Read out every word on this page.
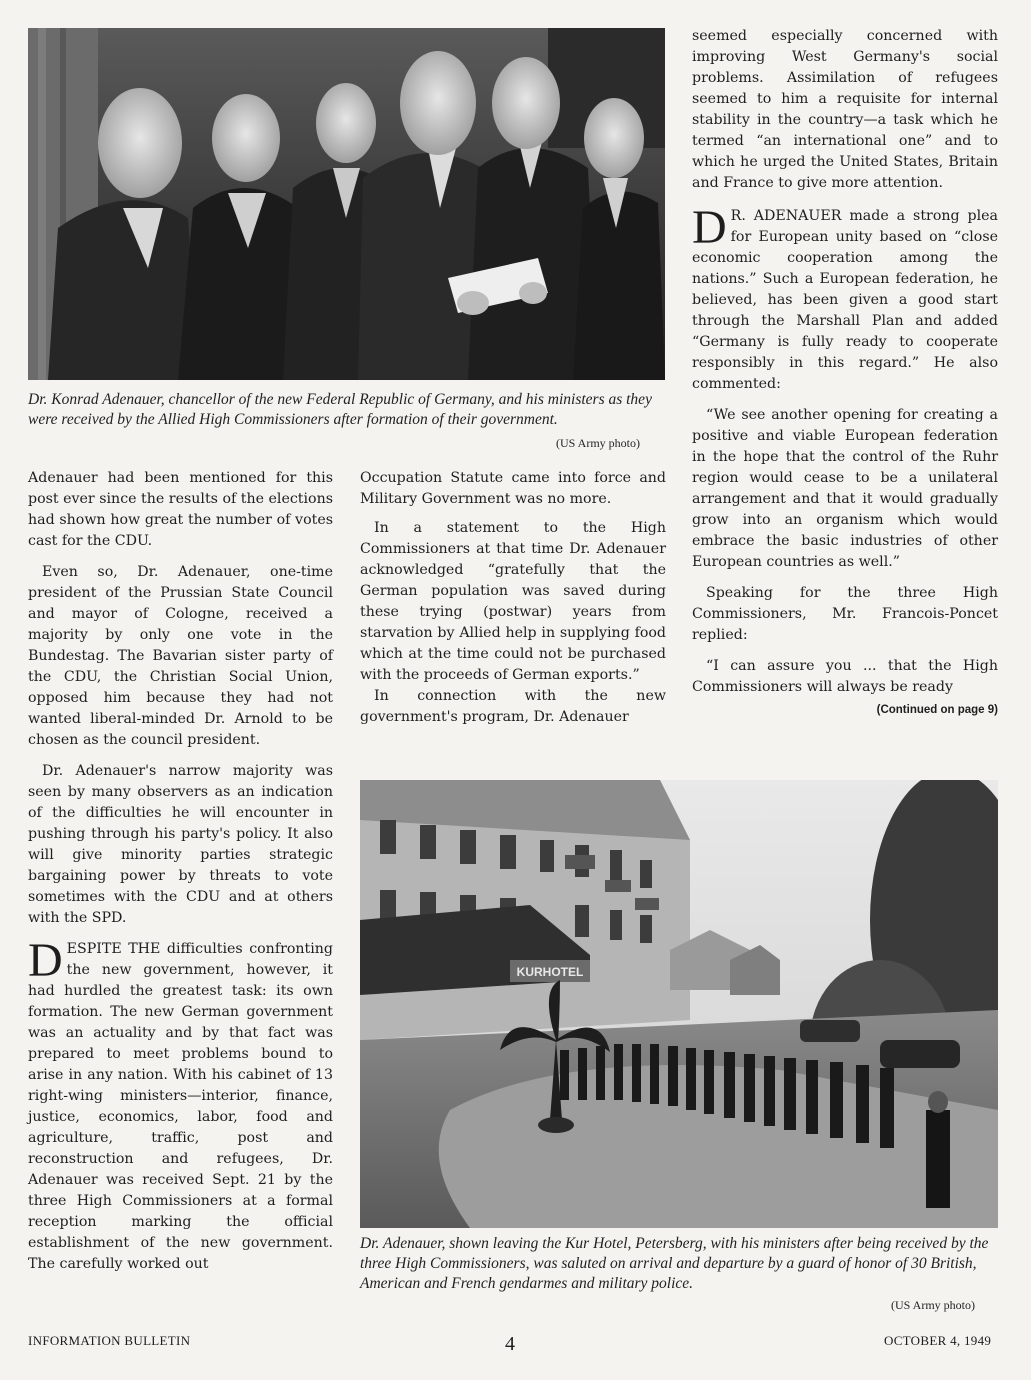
Dr. Konrad Adenauer, chancellor of the new Federal Republic of Germany, and his ministers as they were received by the Allied High Commissioners after formation of their government.
(US Army photo)

Adenauer had been mentioned for this post ever since the results of the elections had shown how great the number of votes cast for the CDU.

Even so, Dr. Adenauer, one-time president of the Prussian State Council and mayor of Cologne, received a majority by only one vote in the Bundestag. The Bavarian sister party of the CDU, the Christian Social Union, opposed him because they had not wanted liberal-minded Dr. Arnold to be chosen as the council president.

Dr. Adenauer's narrow majority was seen by many observers as an indication of the difficulties he will encounter in pushing through his party's policy. It also will give minority parties strategic bargaining power by threats to vote sometimes with the CDU and at others with the SPD.

DESPITE THE difficulties confronting the new government, however, it had hurdled the greatest task: its own formation. The new German government was an actuality and by that fact was prepared to meet problems bound to arise in any nation. With his cabinet of 13 right-wing ministers—interior, finance, justice, economics, labor, food and agriculture, traffic, post and reconstruction and refugees, Dr. Adenauer was received Sept. 21 by the three High Commissioners at a formal reception marking the official establishment of the new government. The carefully worked out

Occupation Statute came into force and Military Government was no more.

In a statement to the High Commissioners at that time Dr. Adenauer acknowledged “gratefully that the German population was saved during these trying (postwar) years from starvation by Allied help in supplying food which at the time could not be purchased with the proceeds of German exports.”

In connection with the new government's program, Dr. Adenauer

seemed especially concerned with improving West Germany's social problems. Assimilation of refugees seemed to him a requisite for internal stability in the country—a task which he termed “an international one” and to which he urged the United States, Britain and France to give more attention.

D R. ADENAUER made a strong plea for European unity based on “close economic cooperation among the nations.” Such a European federation, he believed, has been given a good start through the Marshall Plan and added “Germany is fully ready to cooperate responsibly in this regard.” He also commented:

“We see another opening for creating a positive and viable European federation in the hope that the control of the Ruhr region would cease to be a unilateral arrangement and that it would gradually grow into an organism which would embrace the basic industries of other European countries as well.”

Speaking for the three High Commissioners, Mr. Francois-Poncet replied:

“I can assure you ... that the High Commissioners will always be ready

(Continued on page 9)
KURHOTEL
Dr. Adenauer, shown leaving the Kur Hotel, Petersberg, with his ministers after being received by the three High Commissioners, was saluted on arrival and departure by a guard of honor of 30 British, American and French gendarmes and military police.
(US Army photo)
INFORMATION BULLETIN	4	OCTOBER 4, 1949
